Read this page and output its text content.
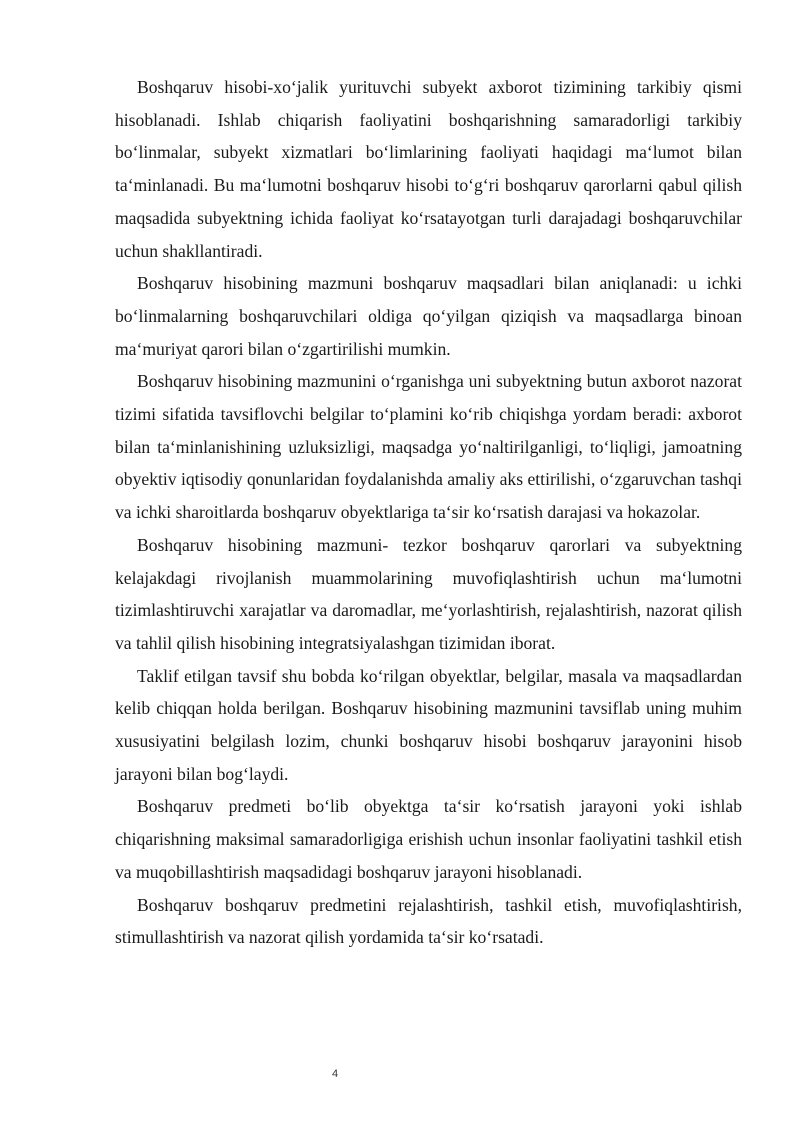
Boshqaruv hisobi-xo‘jalik yurituvchi subyekt axborot tizimining tarkibiy qismi hisoblanadi. Ishlab chiqarish faoliyatini boshqarishning samaradorligi tarkibiy bo‘linmalar, subyekt xizmatlari bo‘limlarining faoliyati haqidagi ma‘lumot bilan ta‘minlanadi. Bu ma‘lumotni boshqaruv hisobi to‘g‘ri boshqaruv qarorlarni qabul qilish maqsadida subyektning ichida faoliyat ko‘rsatayotgan turli darajadagi boshqaruvchilar uchun shakllantiradi.

Boshqaruv hisobining mazmuni boshqaruv maqsadlari bilan aniqlanadi: u ichki bo‘linmalarning boshqaruvchilari oldiga qo‘yilgan qiziqish va maqsadlarga binoan ma‘muriyat qarori bilan o‘zgartirilishi mumkin.

Boshqaruv hisobining mazmunini o‘rganishga uni subyektning butun axborot nazorat tizimi sifatida tavsiflovchi belgilar to‘plamini ko‘rib chiqishga yordam beradi: axborot bilan ta‘minlanishining uzluksizligi, maqsadga yo‘naltirilganligi, to‘liqligi, jamoatning obyektiv iqtisodiy qonunlaridan foydalanishda amaliy aks ettirilishi, o‘zgaruvchan tashqi va ichki sharoitlarda boshqaruv obyektlariga ta‘sir ko‘rsatish darajasi va hokazolar.

Boshqaruv hisobining mazmuni- tezkor boshqaruv qarorlari va subyektning kelajakdagi rivojlanish muammolarining muvofiqlashtirish uchun ma‘lumotni tizimlashtiruvchi xarajatlar va daromadlar, me‘yorlashtirish, rejalashtirish, nazorat qilish va tahlil qilish hisobining integratsiyalashgan tizimidan iborat.

Taklif etilgan tavsif shu bobda ko‘rilgan obyektlar, belgilar, masala va maqsadlardan kelib chiqqan holda berilgan. Boshqaruv hisobining mazmunini tavsiflab uning muhim xususiyatini belgilash lozim, chunki boshqaruv hisobi boshqaruv jarayonini hisob jarayoni bilan bog‘laydi.

Boshqaruv predmeti bo‘lib obyektga ta‘sir ko‘rsatish jarayoni yoki ishlab chiqarishning maksimal samaradorligiga erishish uchun insonlar faoliyatini tashkil etish va muqobillashtirish maqsadidagi boshqaruv jarayoni hisoblanadi.

Boshqaruv boshqaruv predmetini rejalashtirish, tashkil etish, muvofiqlashtirish, stimullashtirish va nazorat qilish yordamida ta‘sir ko‘rsatadi.

4
